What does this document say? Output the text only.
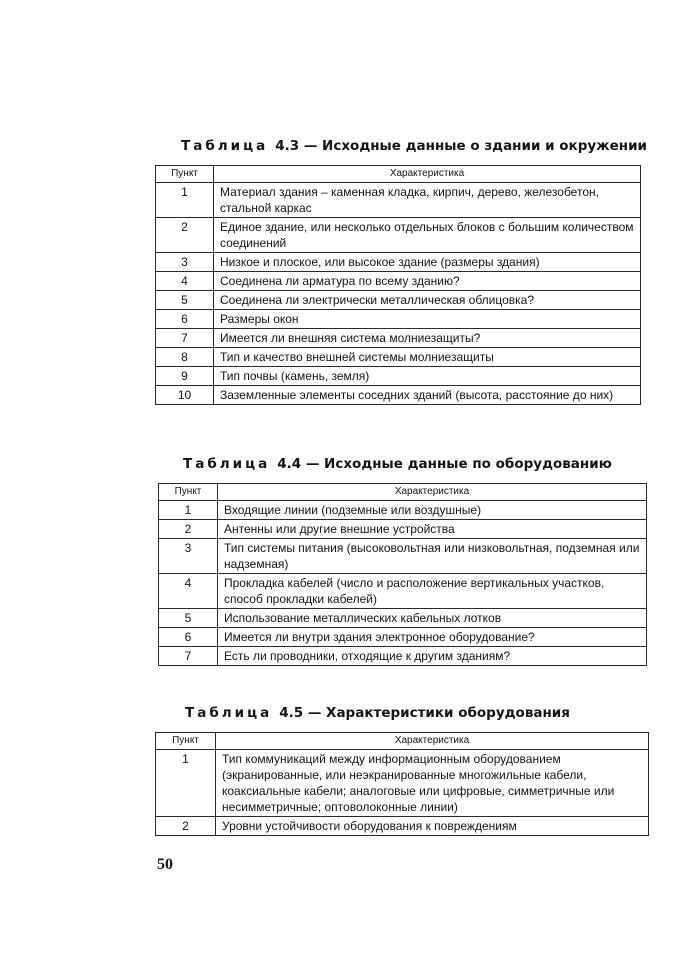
Таблица 4.3 — Исходные данные о здании и окружении

Пункт	Характеристика
1	Материал здания – каменная кладка, кирпич, дерево, железобетон, стальной каркас
2	Единое здание, или несколько отдельных блоков с большим количеством соединений
3	Низкое и плоское, или высокое здание (размеры здания)
4	Соединена ли арматура по всему зданию?
5	Соединена ли электрически металлическая облицовка?
6	Размеры окон
7	Имеется ли внешняя система молниезащиты?
8	Тип и качество внешней системы молниезащиты
9	Тип почвы (камень, земля)
10	Заземленные элементы соседних зданий (высота, расстояние до них)

Таблица 4.4 — Исходные данные по оборудованию

Пункт	Характеристика
1	Входящие линии (подземные или воздушные)
2	Антенны или другие внешние устройства
3	Тип системы питания (высоковольтная или низковольтная, подземная или надземная)
4	Прокладка кабелей (число и расположение вертикальных участков, способ прокладки кабелей)
5	Использование металлических кабельных лотков
6	Имеется ли внутри здания электронное оборудование?
7	Есть ли проводники, отходящие к другим зданиям?

Таблица 4.5 — Характеристики оборудования

Пункт	Характеристика
1	Тип коммуникаций между информационным оборудованием (экранированные, или неэкранированные многожильные кабели, коаксиальные кабели; аналоговые или цифровые, симметричные или несимметричные; оптоволоконные линии)
2	Уровни устойчивости оборудования к повреждениям

50
